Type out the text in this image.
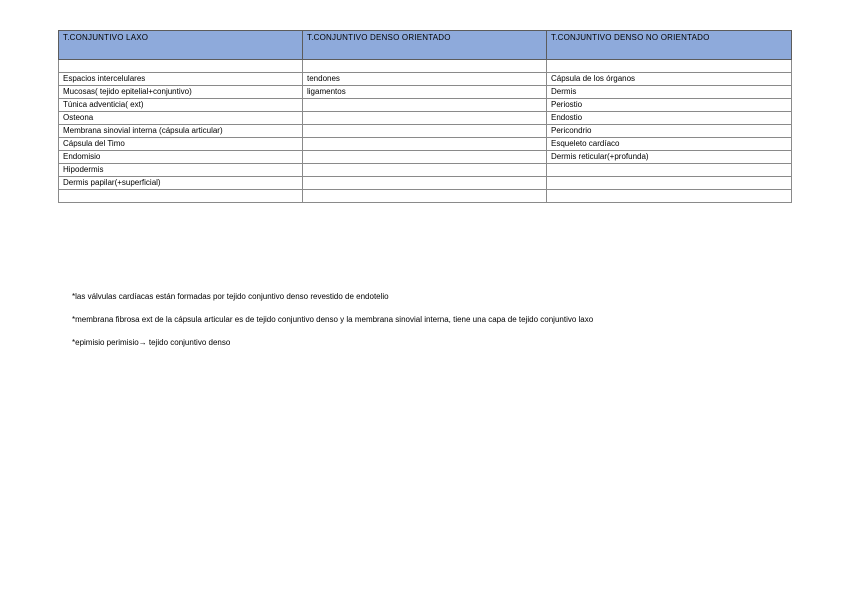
T.CONJUNTIVO LAXO	T.CONJUNTIVO DENSO ORIENTADO	T.CONJUNTIVO DENSO NO ORIENTADO

Espacios intercelulares	tendones	Cápsula de los órganos
Mucosas( tejido epitelial+conjuntivo)	ligamentos	Dermis
Túnica adventicia( ext)		Periostio
Osteona		Endostio
Membrana sinovial interna (cápsula articular)		Pericondrio
Cápsula del Timo		Esqueleto cardíaco
Endomisio		Dermis reticular(+profunda)
Hipodermis		
Dermis papilar(+superficial)		

*las válvulas cardíacas están formadas por tejido conjuntivo denso revestido de endotelio

*membrana fibrosa ext de la cápsula articular es de tejido conjuntivo denso y la membrana sinovial interna, tiene una capa de tejido conjuntivo laxo

*epimisio perimisio→ tejido conjuntivo denso
